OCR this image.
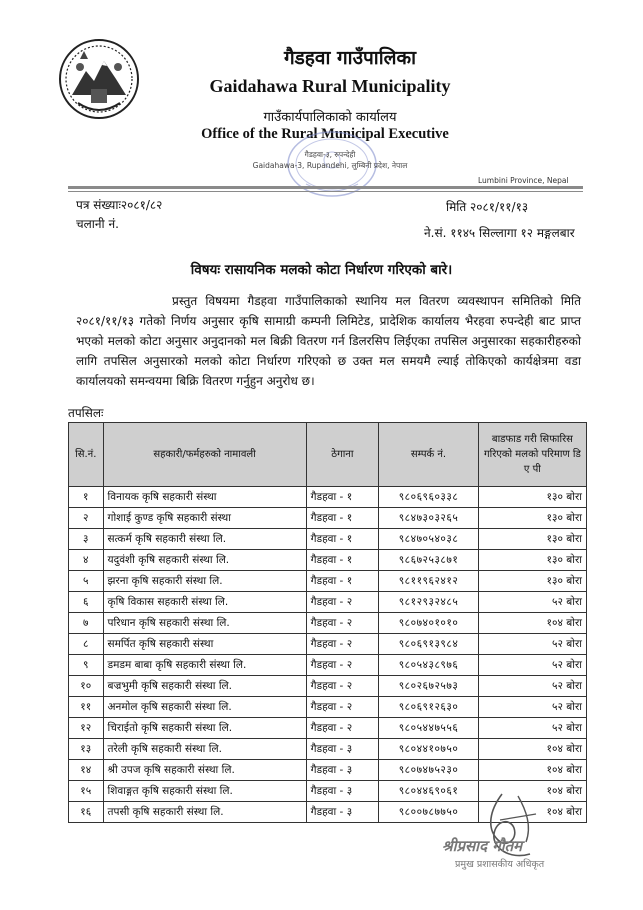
गैडहवा गाउँपालिका
Gaidahawa Rural Municipality
गाउँकार्यपालिकाको कार्यालय
Office of the Rural Municipal Executive
गैडहवा-३, रुपन्देही
Gaidahawa-3, Rupandehi, लुम्बिनी प्रदेश, नेपाल
Lumbini Province, Nepal
पत्र संख्याः२०८१/८२
चलानी नं.
मिति २०८१/११/१३
ने.सं. ११४५ सिल्लागा १२ मङ्गलबार
विषयः रासायनिक मलको कोटा निर्धारण गरिएको बारे।
प्रस्तुत विषयमा गैडहवा गाउँपालिकाको स्थानिय मल वितरण व्यवस्थापन समितिको मिति २०८१/११/१३ गतेको निर्णय अनुसार कृषि सामाग्री कम्पनी लिमिटेड, प्रादेशिक कार्यालय भैरहवा रुपन्देही बाट प्राप्त भएको मलको कोटा अनुसार अनुदानको मल बिक्री वितरण गर्न डिलरसिप लिईएका तपसिल अनुसारका सहकारीहरुको लागि तपसिल अनुसारको मलको कोटा निर्धारण गरिएको छ उक्त मल समयमै ल्याई तोकिएको कार्यक्षेत्रमा वडा कार्यालयको समन्वयमा बिक्रि वितरण गर्नुहुन अनुरोध छ।
तपसिलः
सि.नं.	सहकारी/फर्महरुको नामावली	ठेगाना	सम्पर्क नं.	बाडफाड गरी सिफारिस गरिएको मलको परिमाण डि ए पी
१	विनायक कृषि सहकारी संस्था	गैडहवा - १	९८०६९६०३३८	१३० बोरा
२	गोशाई कुण्ड कृषि सहकारी संस्था	गैडहवा - १	९८४७३०३२६५	१३० बोरा
३	सत्कर्म कृषि सहकारी संस्था लि.	गैडहवा - १	९८४७०५४०३८	१३० बोरा
४	यदुवंशी कृषि सहकारी संस्था लि.	गैडहवा - १	९८६७२५३८७१	१३० बोरा
५	झरना कृषि सहकारी संस्था लि.	गैडहवा - १	९८११९६२४१२	१३० बोरा
६	कृषि विकास सहकारी संस्था लि.	गैडहवा - २	९८१२९३२४८५	५२ बोरा
७	परिधान कृषि सहकारी संस्था लि.	गैडहवा - २	९८०७४०१०१०	१०४ बोरा
८	समर्पित कृषि सहकारी संस्था	गैडहवा - २	९८०६९१३९८४	५२ बोरा
९	डमडम बाबा कृषि सहकारी संस्था लि.	गैडहवा - २	९८०५४३८९७६	५२ बोरा
१०	बज्रभुमी कृषि सहकारी संस्था लि.	गैडहवा - २	९८०२६७२५७३	५२ बोरा
११	अनमोल कृषि सहकारी संस्था लि.	गैडहवा - २	९८०६९१२६३०	५२ बोरा
१२	चिराईतो कृषि सहकारी संस्था लि.	गैडहवा - २	९८०५४४७५५६	५२ बोरा
१३	तरेली कृषि सहकारी संस्था लि.	गैडहवा - ३	९८०४४१०७५०	१०४ बोरा
१४	श्री उपज कृषि सहकारी संस्था लि.	गैडहवा - ३	९८०७४७५२३०	१०४ बोरा
१५	शिवाङ्गत कृषि सहकारी संस्था लि.	गैडहवा - ३	९८०४४६९०६१	१०४ बोरा
१६	तपसी कृषि सहकारी संस्था लि.	गैडहवा - ३	९८००७८७७५०	१०४ बोरा
श्रीप्रसाद गौतम
प्रमुख प्रशासकीय अधिकृत
